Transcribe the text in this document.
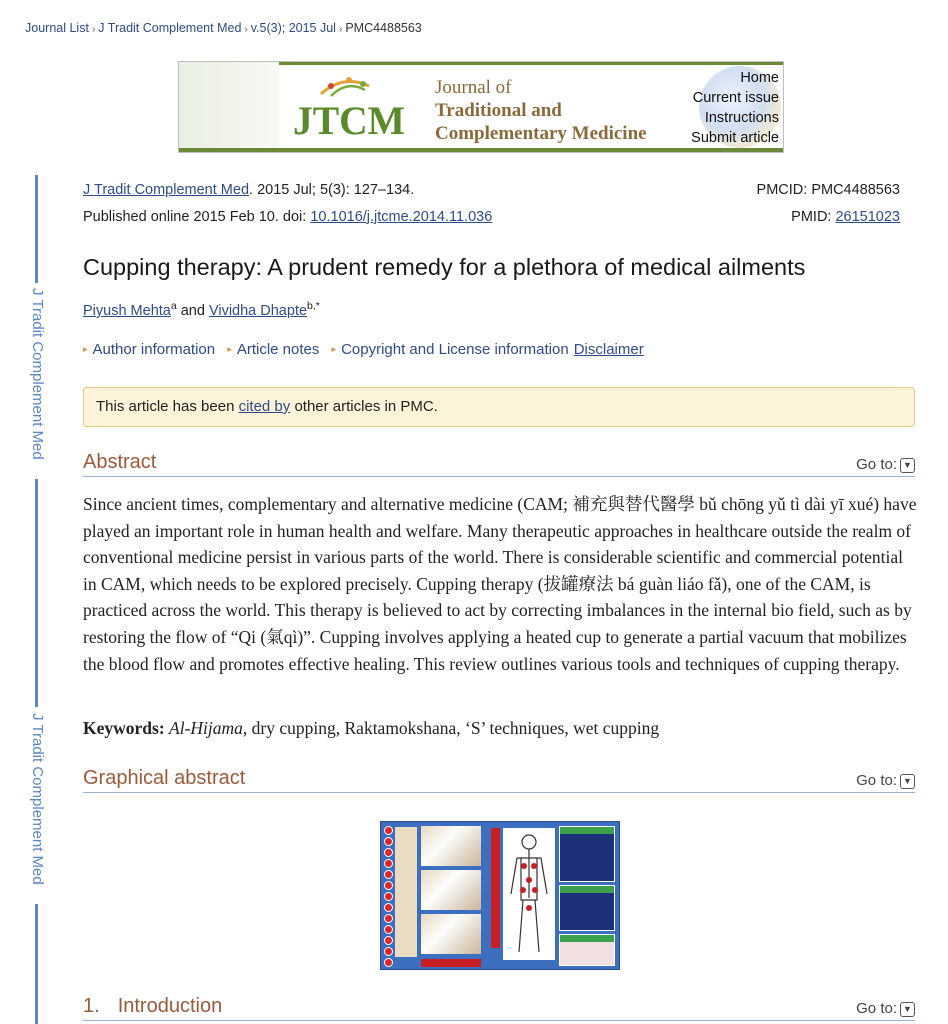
Journal List › J Tradit Complement Med › v.5(3); 2015 Jul › PMC4488563
JTCM
Journal of
Traditional and
Complementary Medicine
Home
Current issue
Instructions
Submit article
J Tradit Complement Med
J Tradit Complement Med
J Tradit Complement Med. 2015 Jul; 5(3): 127–134.
Published online 2015 Feb 10. doi: 10.1016/j.jtcme.2014.11.036
PMCID: PMC4488563
PMID: 26151023
Cupping therapy: A prudent remedy for a plethora of medical ailments
Piyush Mehta$^a$ and Vividha Dhapte$^{b,*}$
▸ Author information ▸ Article notes ▸ Copyright and License information Disclaimer
This article has been cited by other articles in PMC.
Abstract	Go to: ▼
Since ancient times, complementary and alternative medicine (CAM; 補充與替代醫學 bǔ chōng yǔ tì dài yī xué) have played an important role in human health and welfare. Many therapeutic approaches in healthcare outside the realm of conventional medicine persist in various parts of the world. There is considerable scientific and commercial potential in CAM, which needs to be explored precisely. Cupping therapy (拔罐療法 bá guàn liáo fǎ), one of the CAM, is practiced across the world. This therapy is believed to act by correcting imbalances in the internal bio field, such as by restoring the flow of “Qi (氣qì)”. Cupping involves applying a heated cup to generate a partial vacuum that mobilizes the blood flow and promotes effective healing. This review outlines various tools and techniques of cupping therapy.
Keywords: Al-Hijama, dry cupping, Raktamokshana, ‘S’ techniques, wet cupping
Graphical abstract	Go to: ▼
1. Introduction	Go to: ▼
